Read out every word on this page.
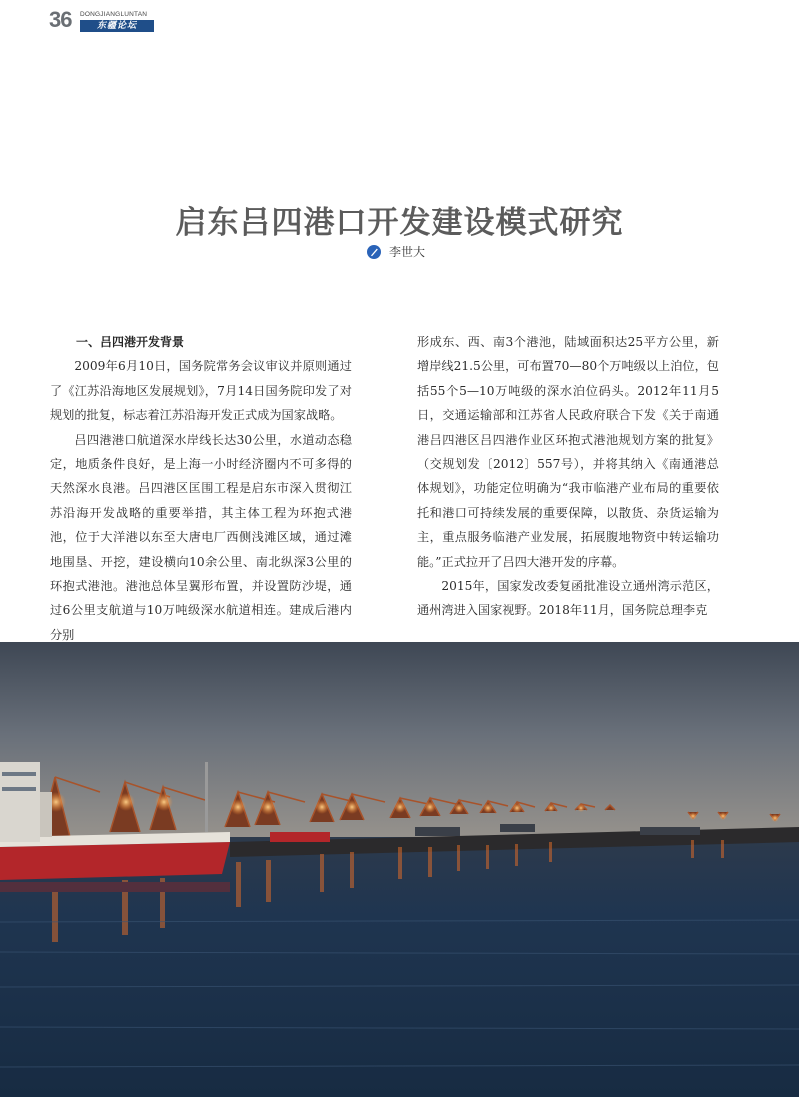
36 DONGJIANGLUNTAN
东疆论坛
启东吕四港口开发建设模式研究
李世大
一、吕四港开发背景

2009年6月10日，国务院常务会议审议并原则通过了《江苏沿海地区发展规划》，7月14日国务院印发了对规划的批复，标志着江苏沿海开发正式成为国家战略。

吕四港港口航道深水岸线长达30公里，水道动态稳定，地质条件良好，是上海一小时经济圈内不可多得的天然深水良港。吕四港区匡围工程是启东市深入贯彻江苏沿海开发战略的重要举措，其主体工程为环抱式港池，位于大洋港以东至大唐电厂西侧浅滩区域，通过滩地围垦、开挖，建设横向10余公里、南北纵深3公里的环抱式港池。港池总体呈翼形布置，并设置防沙堤，通过6公里支航道与10万吨级深水航道相连。建成后港内分别

形成东、西、南3个港池，陆域面积达25平方公里，新增岸线21.5公里，可布置70—80个万吨级以上泊位，包括55个5—10万吨级的深水泊位码头。2012年11月5日，交通运输部和江苏省人民政府联合下发《关于南通港吕四港区吕四港作业区环抱式港池规划方案的批复》（交规划发〔2012〕557号），并将其纳入《南通港总体规划》，功能定位明确为“我市临港产业布局的重要依托和港口可持续发展的重要保障，以散货、杂货运输为主，重点服务临港产业发展，拓展腹地物资中转运输功能。”正式拉开了吕四大港开发的序幕。

2015年，国家发改委复函批准设立通州湾示范区，通州湾进入国家视野。2018年11月，国务院总理李克
